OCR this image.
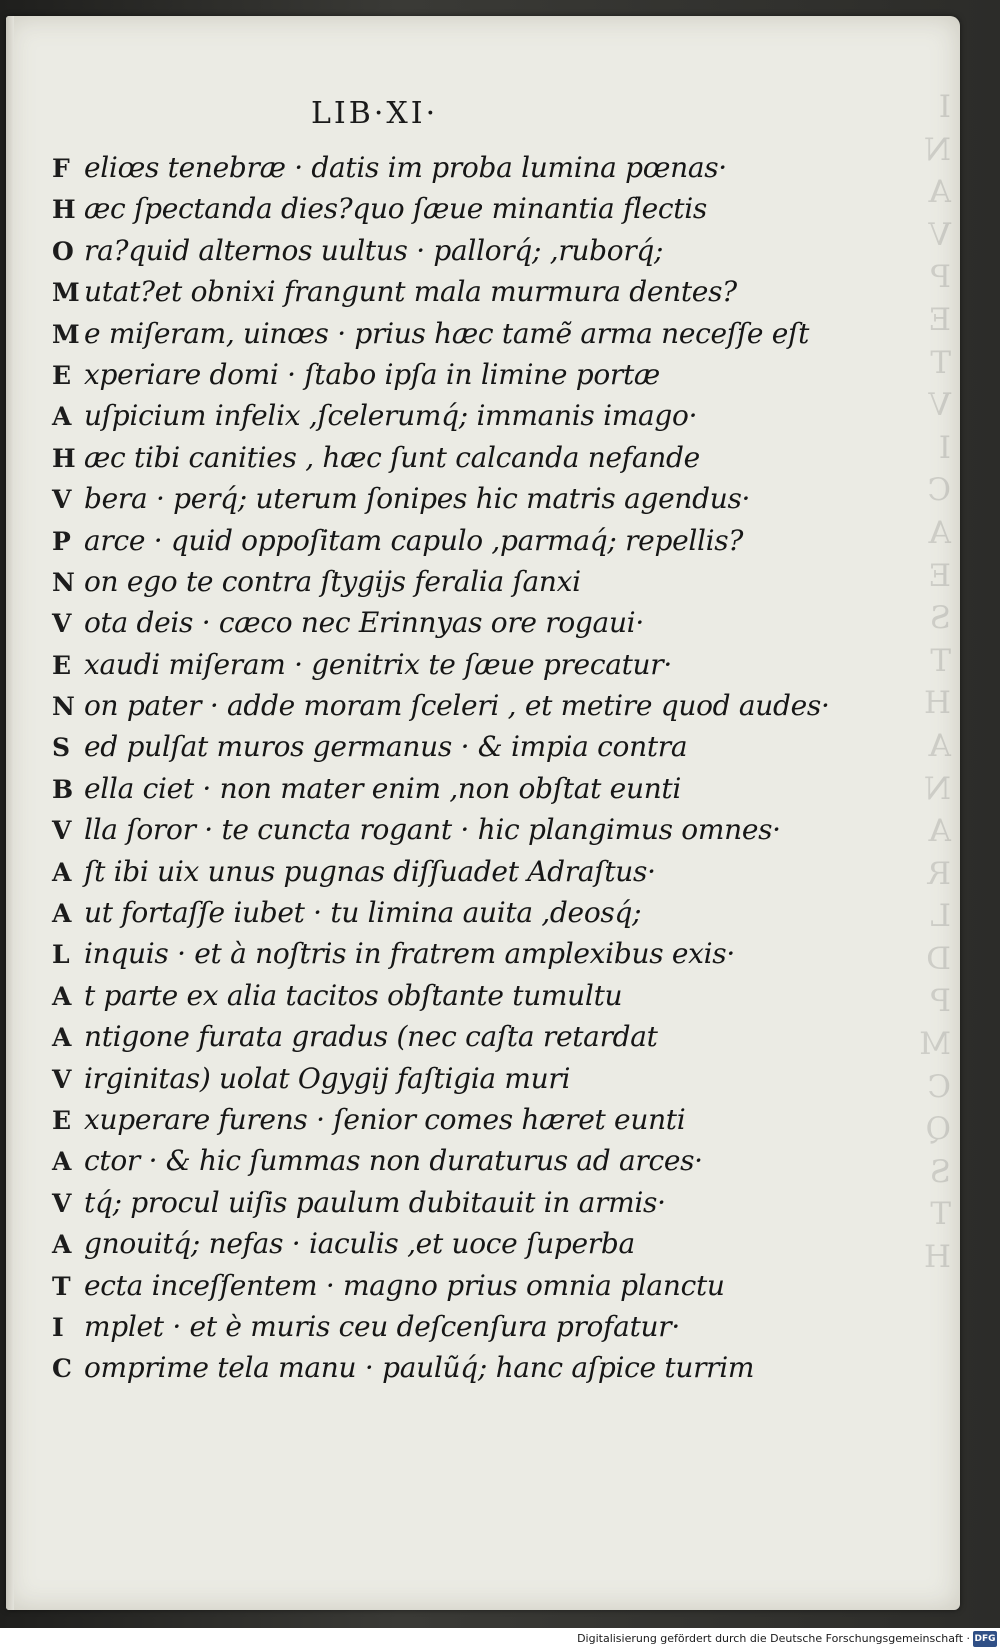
I
N
A
V
P
E
T
V
I
C
A
E
S
T
H
A
N
A
R
L
D
P
M
C
Q
S
T
H
LIB·XI·
F eliœs tenebræ · datis im proba lumina pœnas·
H æc ſpectanda dies?quo ſæue minantia flectis
O ra?quid alternos uultus · pallorq́; ,ruborq́;
M utat?et obnixi frangunt mala murmura dentes?
M e miſeram, uinœs · prius hæc tamẽ arma neceſſe eſt
E xperiare domi · ſtabo ipſa in limine portæ
A uſpicium infelix ,ſcelerumq́; immanis imago·
H æc tibi canities , hæc ſunt calcanda nefande
V bera · perq́; uterum ſonipes hic matris agendus·
P arce · quid oppoſitam capulo ,parmaq́; repellis?
N on ego te contra ſtygijs feralia ſanxi
V ota deis · cæco nec Erinnyas ore rogaui·
E xaudi miſeram · genitrix te ſæue precatur·
N on pater · adde moram ſceleri , et metire quod audes·
S ed pulſat muros germanus · & impia contra
B ella ciet · non mater enim ,non obſtat eunti
V lla ſoror · te cuncta rogant · hic plangimus omnes·
A ſt ibi uix unus pugnas diſſuadet Adraſtus·
A ut fortaſſe iubet · tu limina auita ,deosq́;
L inquis · et à noſtris in fratrem amplexibus exis·
A t parte ex alia tacitos obſtante tumultu
A ntigone furata gradus (nec caſta retardat
V irginitas) uolat Ogygij faſtigia muri
E xuperare furens · ſenior comes hæret eunti
A ctor · & hic ſummas non duraturus ad arces·
V tq́; procul uiſis paulum dubitauit in armis·
A gnouitq́; nefas · iaculis ,et uoce ſuperba
T ecta inceſſentem · magno prius omnia planctu
I mplet · et è muris ceu deſcenſura profatur·
C omprime tela manu · paulũq́; hanc aſpice turrim
Digitalisierung gefördert durch die Deutsche Forschungsgemeinschaft · DFG
